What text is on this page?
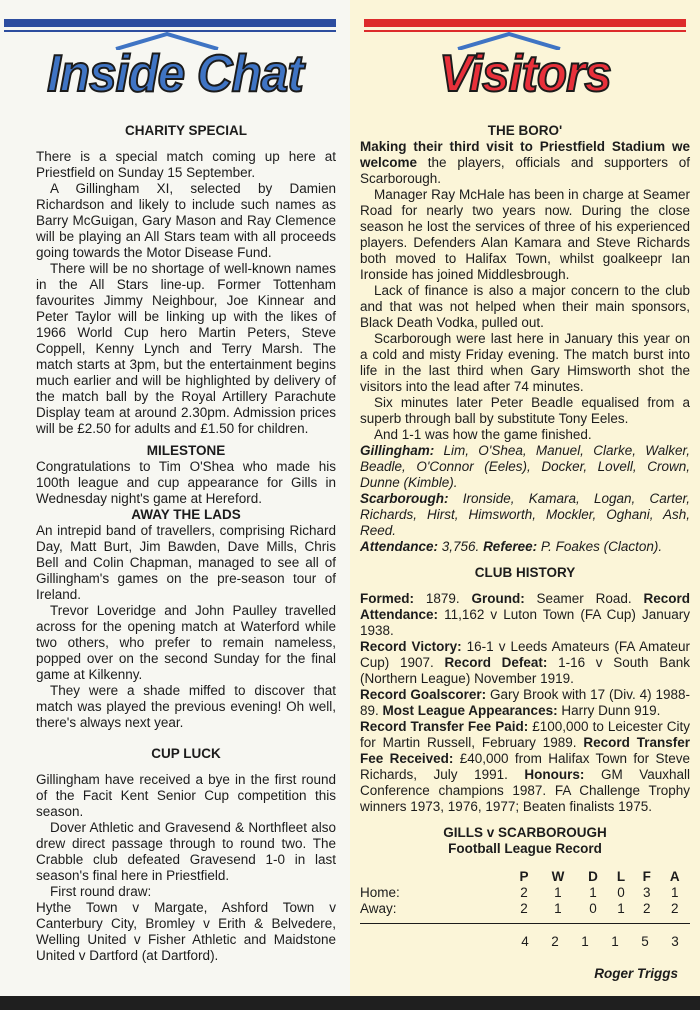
Inside Chat
CHARITY SPECIAL

There is a special match coming up here at Priestfield on Sunday 15 September.

A Gillingham XI, selected by Damien Richardson and likely to include such names as Barry McGuigan, Gary Mason and Ray Clemence will be playing an All Stars team with all proceeds going towards the Motor Disease Fund.

There will be no shortage of well-known names in the All Stars line-up. Former Tottenham favourites Jimmy Neighbour, Joe Kinnear and Peter Taylor will be linking up with the likes of 1966 World Cup hero Martin Peters, Steve Coppell, Kenny Lynch and Terry Marsh. The match starts at 3pm, but the entertainment begins much earlier and will be highlighted by delivery of the match ball by the Royal Artillery Parachute Display team at around 2.30pm. Admission prices will be £2.50 for adults and £1.50 for children.

MILESTONE

Congratulations to Tim O'Shea who made his 100th league and cup appearance for Gills in Wednesday night's game at Hereford.

AWAY THE LADS

An intrepid band of travellers, comprising Richard Day, Matt Burt, Jim Bawden, Dave Mills, Chris Bell and Colin Chapman, managed to see all of Gillingham's games on the pre-season tour of Ireland.

Trevor Loveridge and John Paulley travelled across for the opening match at Waterford while two others, who prefer to remain nameless, popped over on the second Sunday for the final game at Kilkenny.

They were a shade miffed to discover that match was played the previous evening! Oh well, there's always next year.

CUP LUCK

Gillingham have received a bye in the first round of the Facit Kent Senior Cup competition this season.

Dover Athletic and Gravesend & Northfleet also drew direct passage through to round two. The Crabble club defeated Gravesend 1-0 in last season's final here in Priestfield.

First round draw:

Hythe Town v Margate, Ashford Town v Canterbury City, Bromley v Erith & Belvedere, Welling United v Fisher Athletic and Maidstone United v Dartford (at Dartford).

Visitors
THE BORO'

Making their third visit to Priestfield Stadium we welcome the players, officials and supporters of Scarborough.

Manager Ray McHale has been in charge at Seamer Road for nearly two years now. During the close season he lost the services of three of his experienced players. Defenders Alan Kamara and Steve Richards both moved to Halifax Town, whilst goalkeepr Ian Ironside has joined Middlesbrough.

Lack of finance is also a major concern to the club and that was not helped when their main sponsors, Black Death Vodka, pulled out.

Scarborough were last here in January this year on a cold and misty Friday evening. The match burst into life in the last third when Gary Himsworth shot the visitors into the lead after 74 minutes.

Six minutes later Peter Beadle equalised from a superb through ball by substitute Tony Eeles.

And 1-1 was how the game finished.

Gillingham: Lim, O'Shea, Manuel, Clarke, Walker, Beadle, O'Connor (Eeles), Docker, Lovell, Crown, Dunne (Kimble).

Scarborough: Ironside, Kamara, Logan, Carter, Richards, Hirst, Himsworth, Mockler, Oghani, Ash, Reed.

Attendance: 3,756. Referee: P. Foakes (Clacton).

CLUB HISTORY

Formed: 1879. Ground: Seamer Road. Record Attendance: 11,162 v Luton Town (FA Cup) January 1938.
Record Victory: 16-1 v Leeds Amateurs (FA Amateur Cup) 1907. Record Defeat: 1-16 v South Bank (Northern League) November 1919.
Record Goalscorer: Gary Brook with 17 (Div. 4) 1988-89. Most League Appearances: Harry Dunn 919.
Record Transfer Fee Paid: £100,000 to Leicester City for Martin Russell, February 1989. Record Transfer Fee Received: £40,000 from Halifax Town for Steve Richards, July 1991. Honours: GM Vauxhall Conference champions 1987. FA Challenge Trophy winners 1973, 1976, 1977; Beaten finalists 1975.

GILLS v SCARBOROUGH
Football League Record
	P	W	D	L	F	A
Home:	2	1	1	0	3	1
Away:	2	1	0	1	2	2
	4	2	1	1	5	3
Roger Triggs
